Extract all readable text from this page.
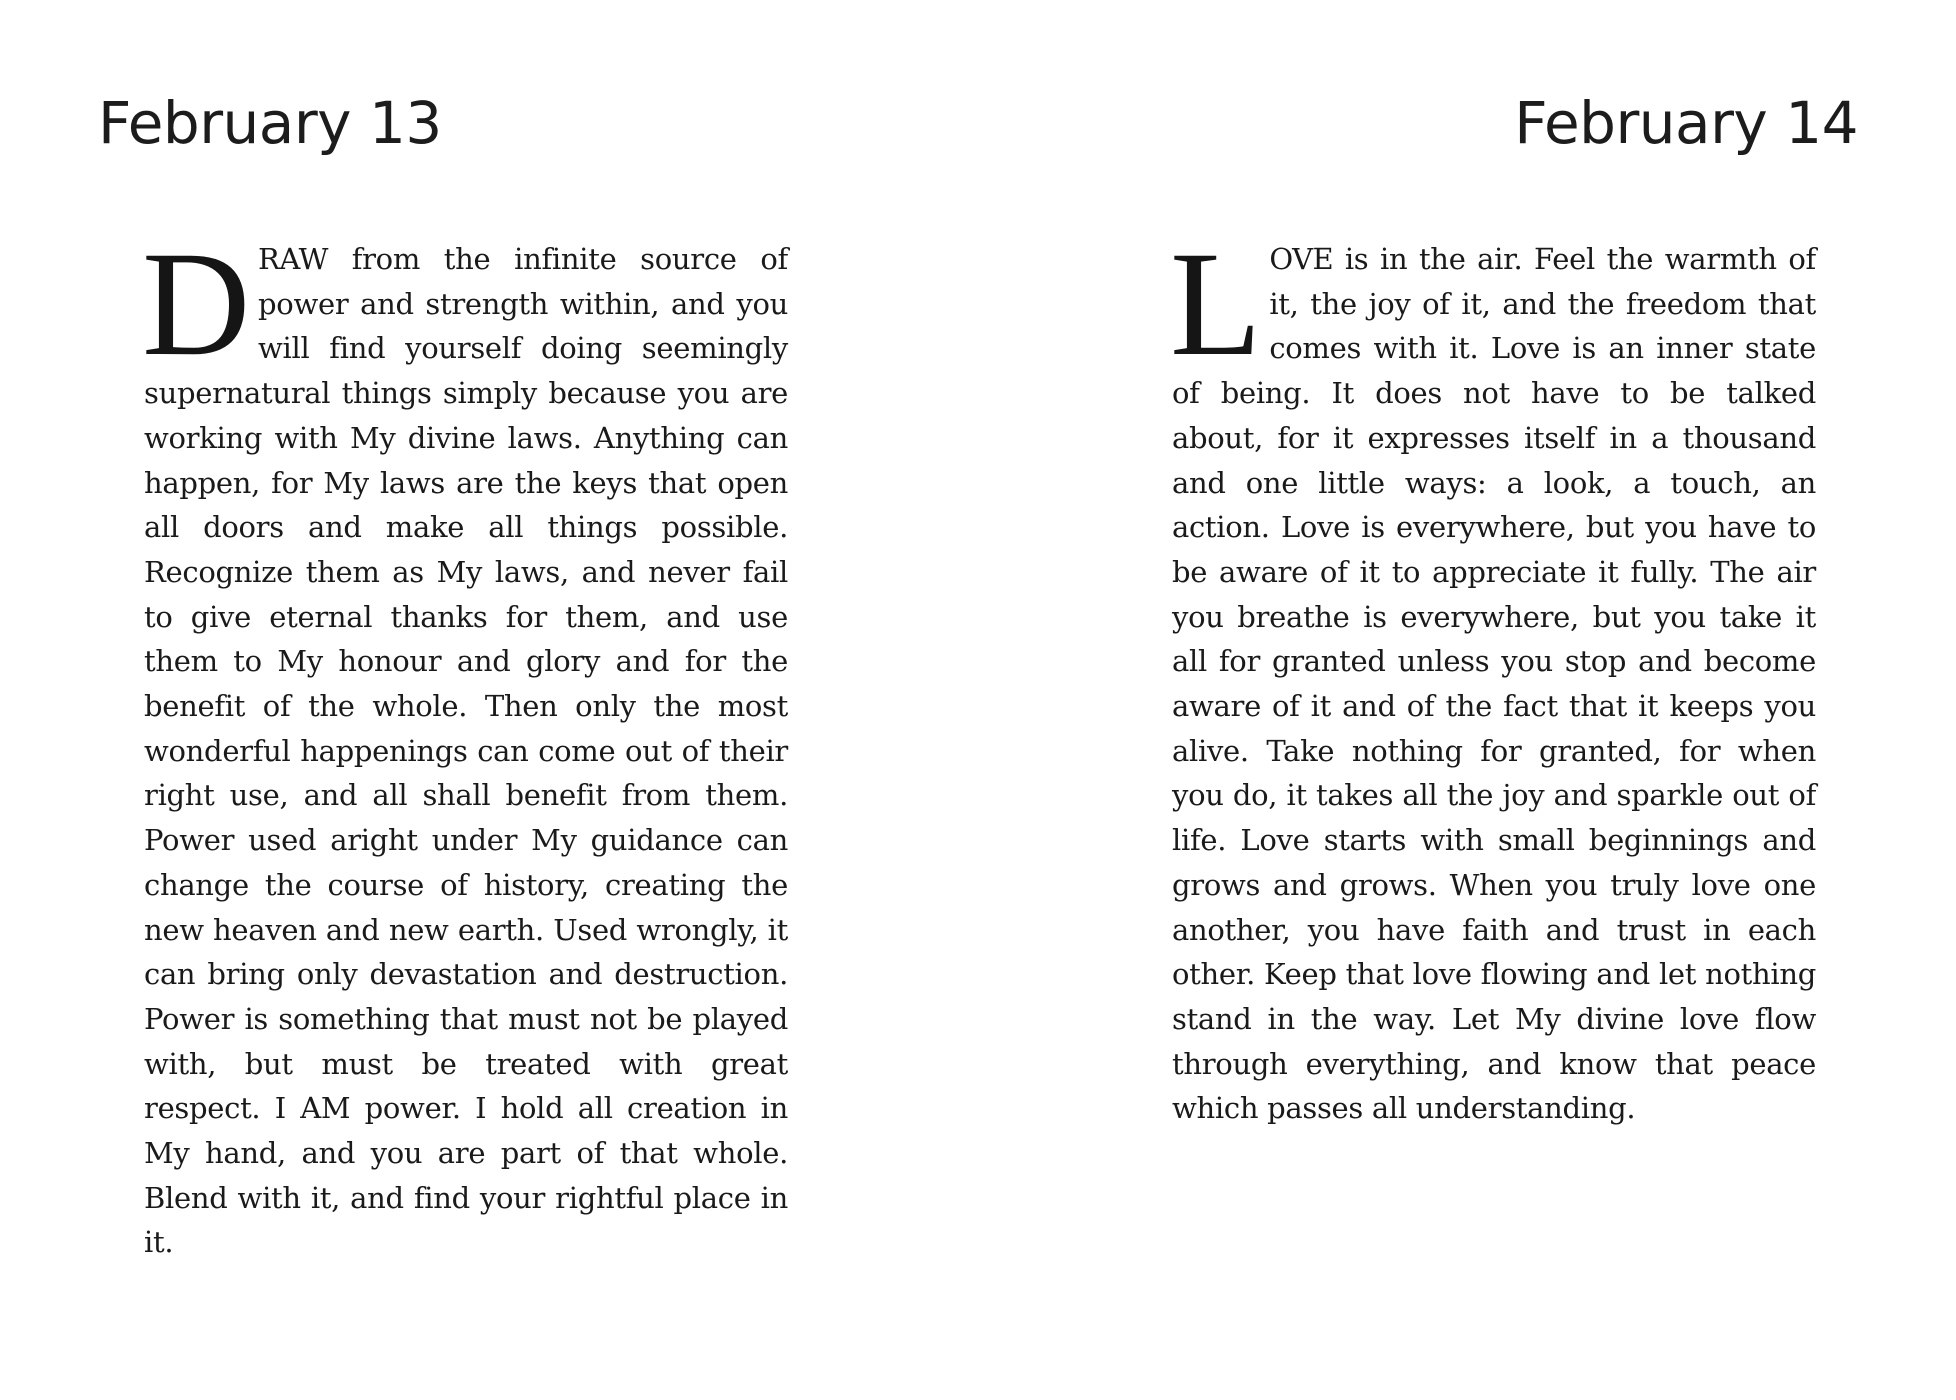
February 13

DRAW from the infinite source of power and strength within, and you will find yourself doing seemingly supernatural things simply because you are working with My divine laws. Anything can happen, for My laws are the keys that open all doors and make all things possible. Recognize them as My laws, and never fail to give eternal thanks for them, and use them to My honour and glory and for the benefit of the whole. Then only the most wonderful happenings can come out of their right use, and all shall benefit from them. Power used aright under My guidance can change the course of history, creating the new heaven and new earth. Used wrongly, it can bring only devastation and destruction. Power is something that must not be played with, but must be treated with great respect. I AM power. I hold all creation in My hand, and you are part of that whole. Blend with it, and find your rightful place in it.

February 14

LOVE is in the air. Feel the warmth of it, the joy of it, and the freedom that comes with it. Love is an inner state of being. It does not have to be talked about, for it expresses itself in a thousand and one little ways: a look, a touch, an action. Love is everywhere, but you have to be aware of it to appreciate it fully. The air you breathe is everywhere, but you take it all for granted unless you stop and become aware of it and of the fact that it keeps you alive. Take nothing for granted, for when you do, it takes all the joy and sparkle out of life. Love starts with small beginnings and grows and grows. When you truly love one another, you have faith and trust in each other. Keep that love flowing and let nothing stand in the way. Let My divine love flow through everything, and know that peace which passes all understanding.
